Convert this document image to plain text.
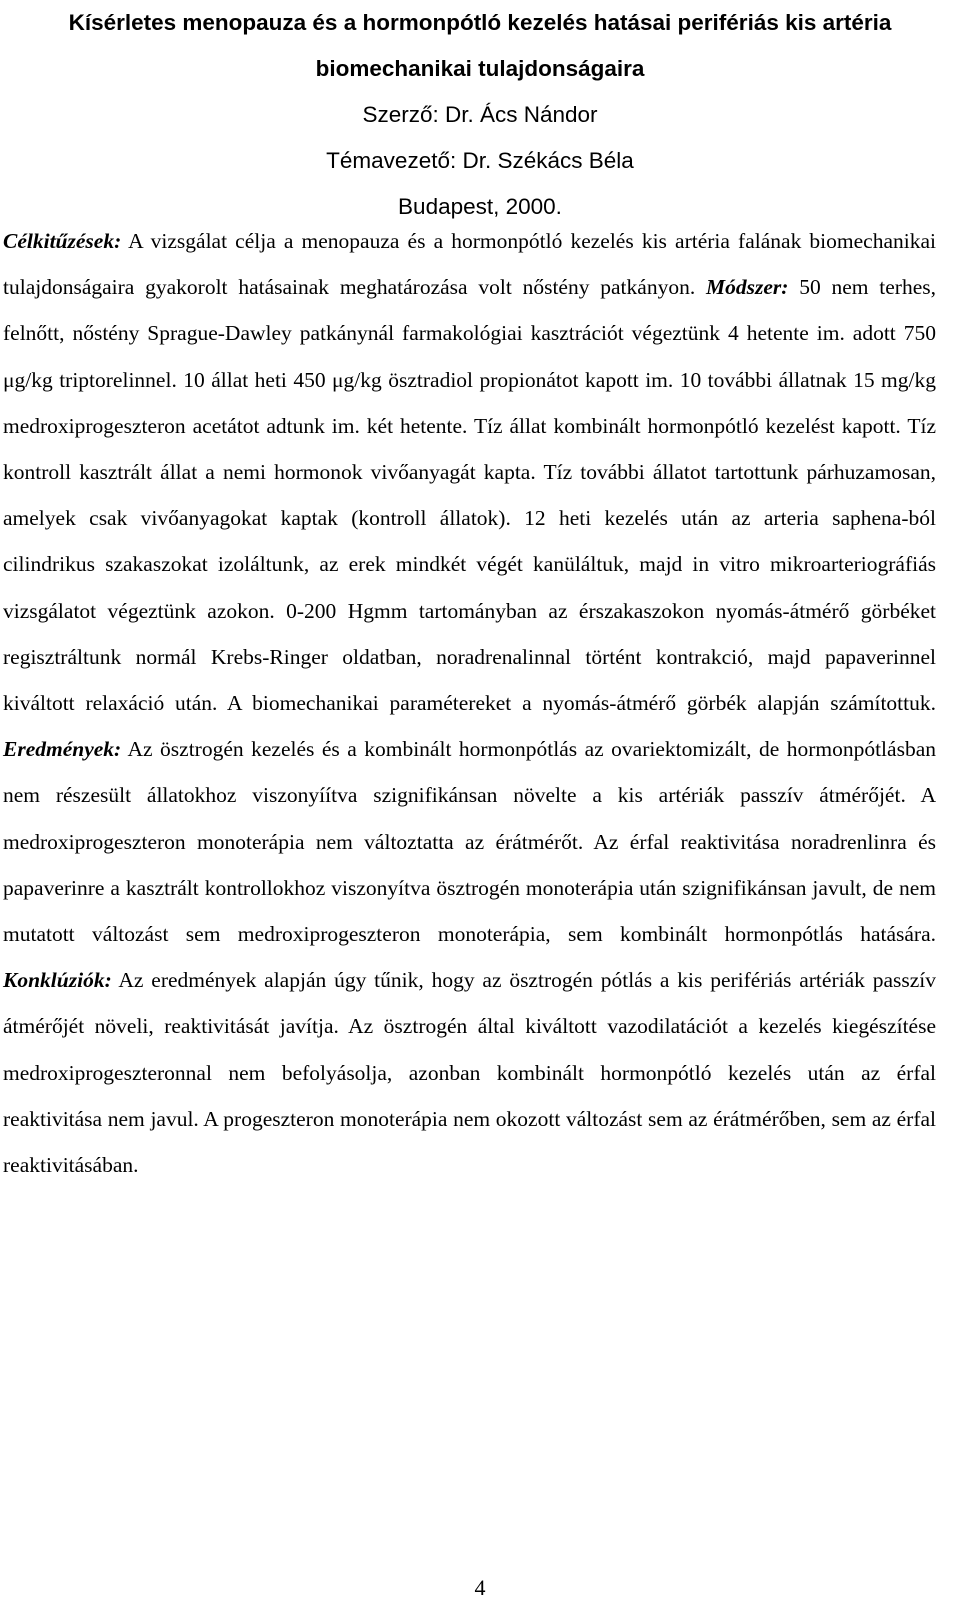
Kísérletes menopauza és a hormonpótló kezelés hatásai perifériás kis artéria
biomechanikai tulajdonságaira
Szerző: Dr. Ács Nándor
Témavezető: Dr. Székács Béla
Budapest, 2000.

Célkitűzések: A vizsgálat célja a menopauza és a hormonpótló kezelés kis artéria falának biomechanikai tulajdonságaira gyakorolt hatásainak meghatározása volt nőstény patkányon. Módszer: 50 nem terhes, felnőtt, nőstény Sprague-Dawley patkánynál farmakológiai kasztrációt végeztünk 4 hetente im. adott 750 μg/kg triptorelinnel. 10 állat heti 450 μg/kg ösztradiol propionátot kapott im. 10 további állatnak 15 mg/kg medroxiprogeszteron acetátot adtunk im. két hetente. Tíz állat kombinált hormonpótló kezelést kapott. Tíz kontroll kasztrált állat a nemi hormonok vivőanyagát kapta. Tíz további állatot tartottunk párhuzamosan, amelyek csak vivőanyagokat kaptak (kontroll állatok). 12 heti kezelés után az arteria saphena-ból cilindrikus szakaszokat izoláltunk, az erek mindkét végét kanüláltuk, majd in vitro mikroarteriográfiás vizsgálatot végeztünk azokon. 0-200 Hgmm tartományban az érszakaszokon nyomás-átmérő görbéket regisztráltunk normál Krebs-Ringer oldatban, noradrenalinnal történt kontrakció, majd papaverinnel kiváltott relaxáció után. A biomechanikai paramétereket a nyomás-átmérő görbék alapján számítottuk. Eredmények: Az ösztrogén kezelés és a kombinált hormonpótlás az ovariektomizált, de hormonpótlásban nem részesült állatokhoz viszonyíítva szignifikánsan növelte a kis artériák passzív átmérőjét. A medroxiprogeszteron monoterápia nem változtatta az érátmérőt. Az érfal reaktivitása noradrenlinra és papaverinre a kasztrált kontrollokhoz viszonyítva ösztrogén monoterápia után szignifikánsan javult, de nem mutatott változást sem medroxiprogeszteron monoterápia, sem kombinált hormonpótlás hatására. Konklúziók: Az eredmények alapján úgy tűnik, hogy az ösztrogén pótlás a kis perifériás artériák passzív átmérőjét növeli, reaktivitását javítja. Az ösztrogén által kiváltott vazodilatációt a kezelés kiegészítése medroxiprogeszteronnal nem befolyásolja, azonban kombinált hormonpótló kezelés után az érfal reaktivitása nem javul. A progeszteron monoterápia nem okozott változást sem az érátmérőben, sem az érfal reaktivitásában.

4
